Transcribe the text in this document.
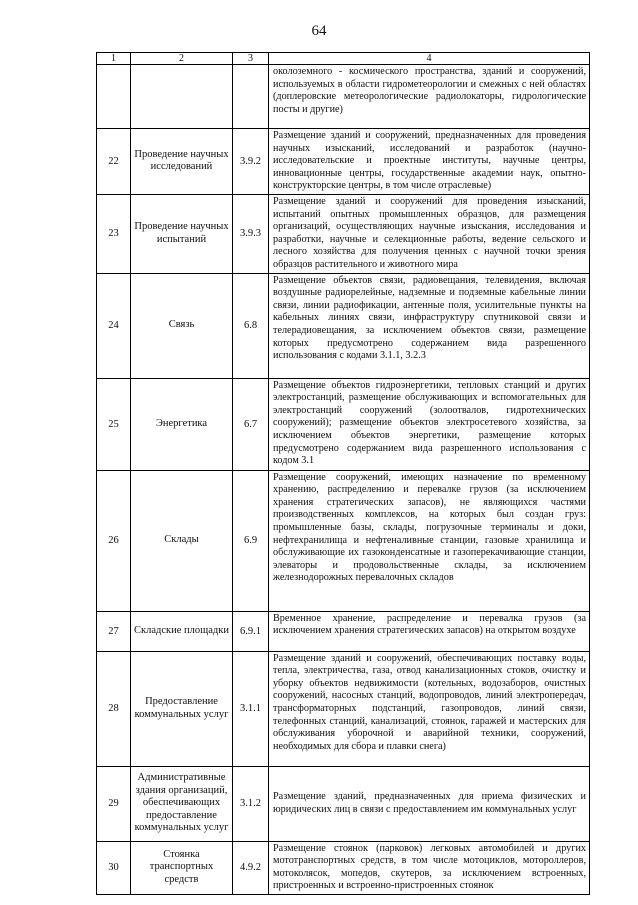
64
1	2	3	4
			околоземного - космического пространства, зданий и сооружений, используемых в области гидрометеорологии и смежных с ней областях (доплеровские метеорологические радиолокаторы, гидрологические посты и другие)
22	Проведение научных исследований	3.9.2	Размещение зданий и сооружений, предназначенных для проведения научных изысканий, исследований и разработок (научно-исследовательские и проектные институты, научные центры, инновационные центры, государственные академии наук, опытно-конструкторские центры, в том числе отраслевые)
23	Проведение научных испытаний	3.9.3	Размещение зданий и сооружений для проведения изысканий, испытаний опытных промышленных образцов, для размещения организаций, осуществляющих научные изыскания, исследования и разработки, научные и селекционные работы, ведение сельского и лесного хозяйства для получения ценных с научной точки зрения образцов растительного и животного мира
24	Связь	6.8	Размещение объектов связи, радиовещания, телевидения, включая воздушные радиорелейные, надземные и подземные кабельные линии связи, линии радиофикации, антенные поля, усилительные пункты на кабельных линиях связи, инфраструктуру спутниковой связи и телерадиовещания, за исключением объектов связи, размещение которых предусмотрено содержанием вида разрешенного использования с кодами 3.1.1, 3.2.3
25	Энергетика	6.7	Размещение объектов гидроэнергетики, тепловых станций и других электростанций, размещение обслуживающих и вспомогательных для электростанций сооружений (золоотвалов, гидротехнических сооружений); размещение объектов электросетевого хозяйства, за исключением объектов энергетики, размещение которых предусмотрено содержанием вида разрешенного использования с кодом 3.1
26	Склады	6.9	Размещение сооружений, имеющих назначение по временному хранению, распределению и перевалке грузов (за исключением хранения стратегических запасов), не являющихся частями производственных комплексов, на которых был создан груз: промышленные базы, склады, погрузочные терминалы и доки, нефтехранилища и нефтеналивные станции, газовые хранилища и обслуживающие их газоконденсатные и газоперекачивающие станции, элеваторы и продовольственные склады, за исключением железнодорожных перевалочных складов
27	Складские площадки	6.9.1	Временное хранение, распределение и перевалка грузов (за исключением хранения стратегических запасов) на открытом воздухе
28	Предоставление коммунальных услуг	3.1.1	Размещение зданий и сооружений, обеспечивающих поставку воды, тепла, электричества, газа, отвод канализационных стоков, очистку и уборку объектов недвижимости (котельных, водозаборов, очистных сооружений, насосных станций, водопроводов, линий электропередач, трансформаторных подстанций, газопроводов, линий связи, телефонных станций, канализаций, стоянок, гаражей и мастерских для обслуживания уборочной и аварийной техники, сооружений, необходимых для сбора и плавки снега)
29	Административные здания организаций, обеспечивающих предоставление коммунальных услуг	3.1.2	Размещение зданий, предназначенных для приема физических и юридических лиц в связи с предоставлением им коммунальных услуг
30	Стоянка транспортных средств	4.9.2	Размещение стоянок (парковок) легковых автомобилей и других мототранспортных средств, в том числе мотоциклов, мотороллеров, мотоколясок, мопедов, скутеров, за исключением встроенных, пристроенных и встроенно-пристроенных стоянок
